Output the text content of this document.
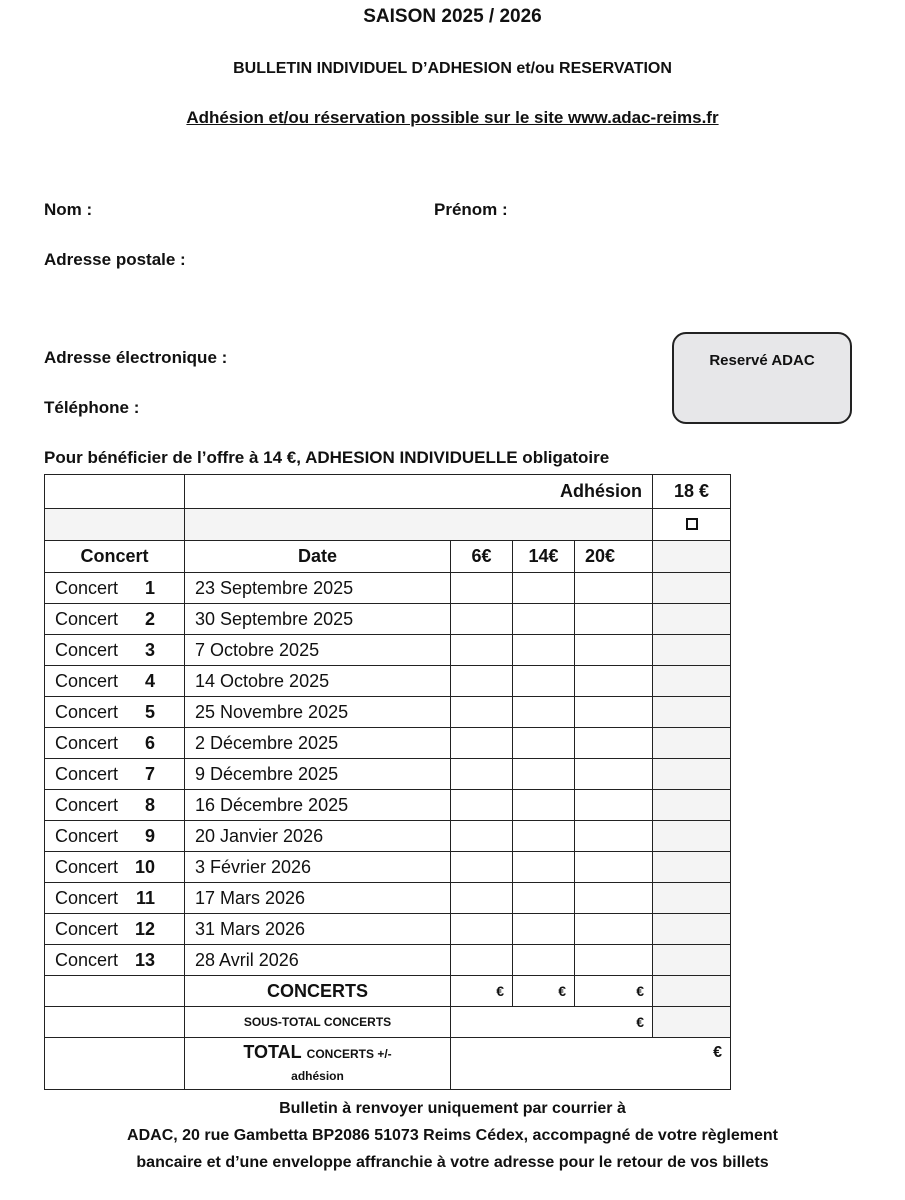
SAISON 2025 / 2026
BULLETIN INDIVIDUEL D’ADHESION et/ou RESERVATION
Adhésion et/ou réservation possible sur le site www.adac-reims.fr
Nom :	Prénom :
Adresse postale :
Adresse électronique :
Téléphone :
Reservé ADAC
Pour bénéficier de l’offre à 14 €, ADHESION INDIVIDUELLE obligatoire
	Adhésion				18 €

Concert	Date	6€	14€	20€	
Concert 1	23 Septembre 2025				
Concert 2	30 Septembre 2025				
Concert 3	7 Octobre 2025				
Concert 4	14 Octobre 2025				
Concert 5	25 Novembre 2025				
Concert 6	2 Décembre 2025				
Concert 7	9 Décembre 2025				
Concert 8	16 Décembre 2025				
Concert 9	20 Janvier 2026				
Concert 10	3 Février 2026				
Concert 11	17 Mars 2026				
Concert 12	31 Mars 2026				
Concert 13	28 Avril 2026				
	CONCERTS	€	€	€	
	SOUS-TOTAL CONCERTS	€			
	TOTAL CONCERTS +/-
adhésion	€			
Bulletin à renvoyer uniquement par courrier à
ADAC, 20 rue Gambetta BP2086 51073 Reims Cédex, accompagné de votre règlement
bancaire et d’une enveloppe affranchie à votre adresse pour le retour de vos billets
